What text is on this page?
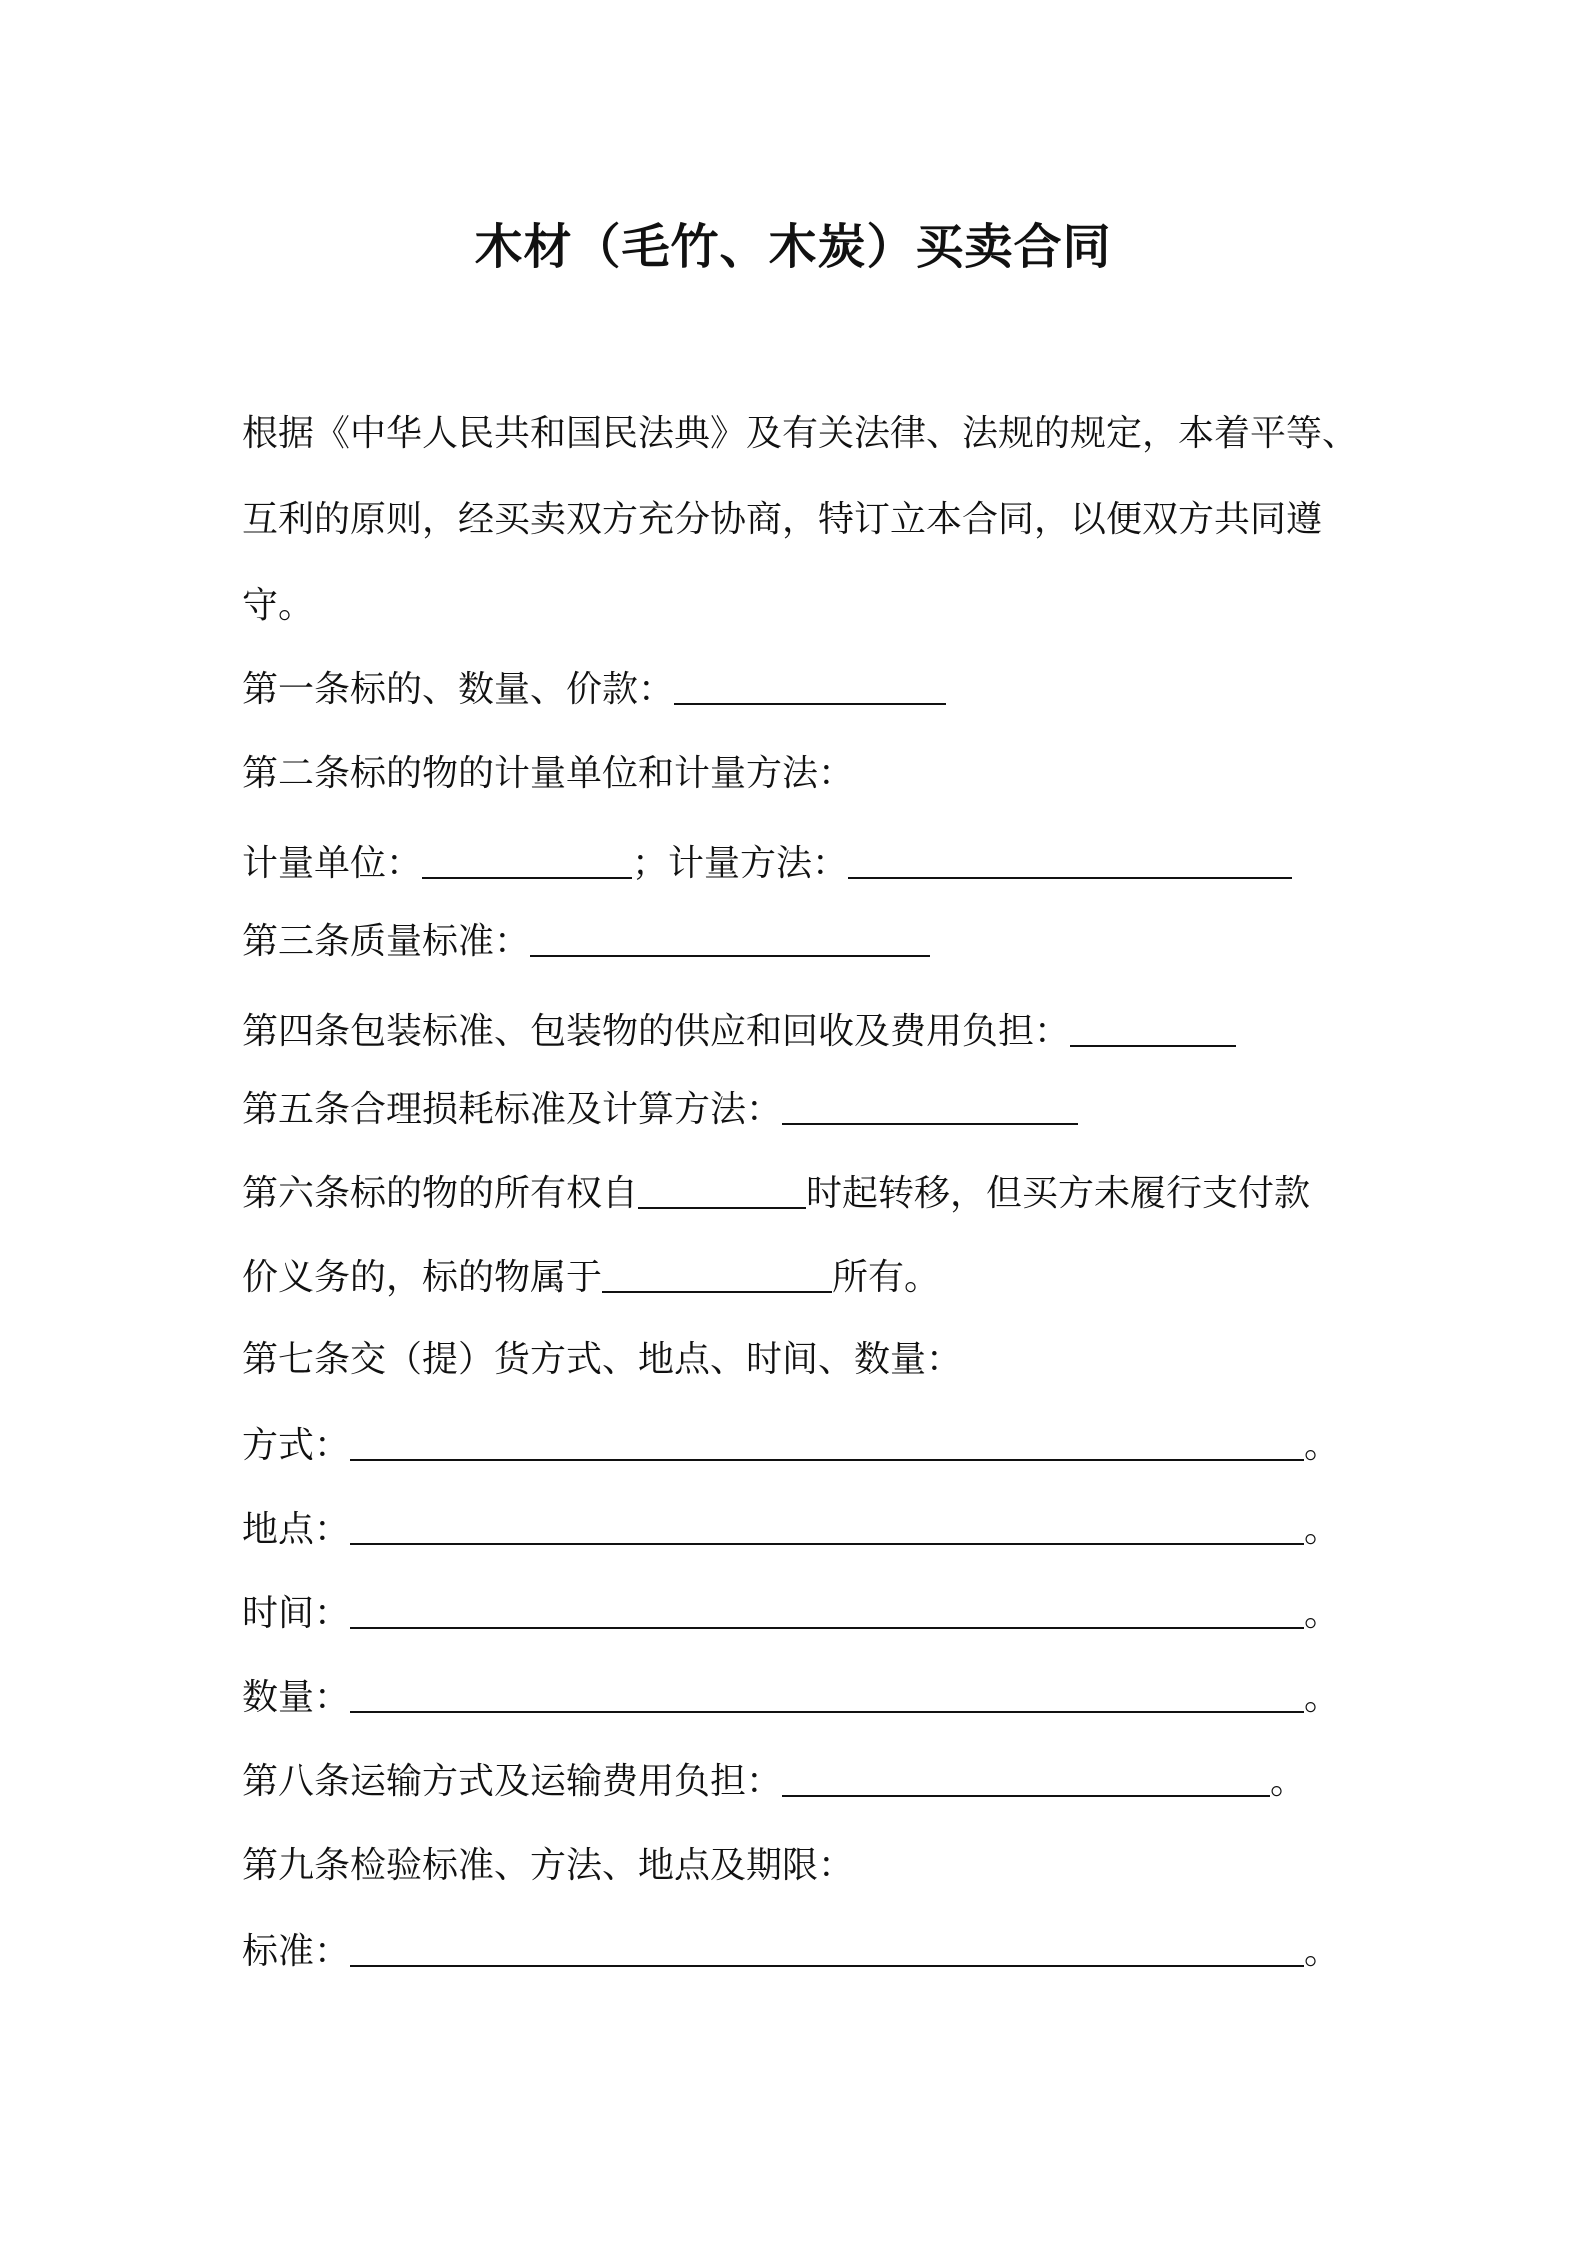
木材（毛竹、木炭）买卖合同

根据《中华人民共和国民法典》及有关法律、法规的规定，本着平等、

互利的原则，经买卖双方充分协商，特订立本合同，以便双方共同遵

守。

第一条标的、数量、价款：

第二条标的物的计量单位和计量方法：

计量单位：	；计量方法：

第三条质量标准：

第四条包装标准、包装物的供应和回收及费用负担：

第五条合理损耗标准及计算方法：

第六条标的物的所有权自	时起转移，但买方未履行支付款

价义务的，标的物属于	所有。

第七条交（提）货方式、地点、时间、数量：

方式：	。

地点：	。

时间：	。

数量：	。

第八条运输方式及运输费用负担：	。

第九条检验标准、方法、地点及期限：

标准：	。
